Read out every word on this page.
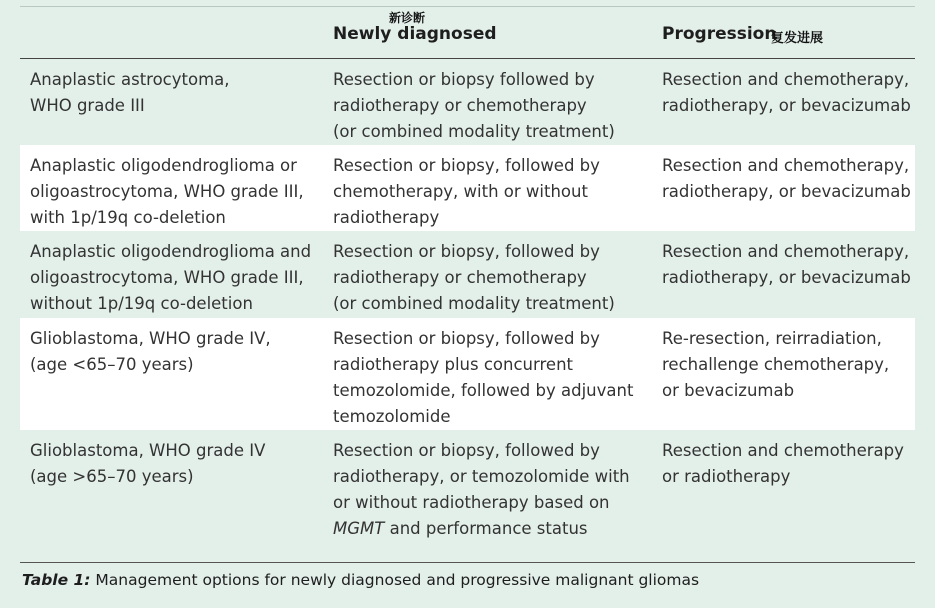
新诊断
Newly diagnosed	Progression
复发进展
Anaplastic astrocytoma,
WHO grade III
Resection or biopsy followed by
radiotherapy or chemotherapy
(or combined modality treatment)
Resection and chemotherapy,
radiotherapy, or bevacizumab
Anaplastic oligodendroglioma or
oligoastrocytoma, WHO grade III,
with 1p/19q co-deletion
Resection or biopsy, followed by
chemotherapy, with or without
radiotherapy
Resection and chemotherapy,
radiotherapy, or bevacizumab
Anaplastic oligodendroglioma and
oligoastrocytoma, WHO grade III,
without 1p/19q co-deletion
Resection or biopsy, followed by
radiotherapy or chemotherapy
(or combined modality treatment)
Resection and chemotherapy,
radiotherapy, or bevacizumab
Glioblastoma, WHO grade IV,
(age <65–70 years)
Resection or biopsy, followed by
radiotherapy plus concurrent
temozolomide, followed by adjuvant
temozolomide
Re-resection, reirradiation,
rechallenge chemotherapy,
or bevacizumab
Glioblastoma, WHO grade IV
(age >65–70 years)
Resection or biopsy, followed by
radiotherapy, or temozolomide with
or without radiotherapy based on
MGMT and performance status
Resection and chemotherapy
or radiotherapy
Table 1: Management options for newly diagnosed and progressive malignant gliomas
